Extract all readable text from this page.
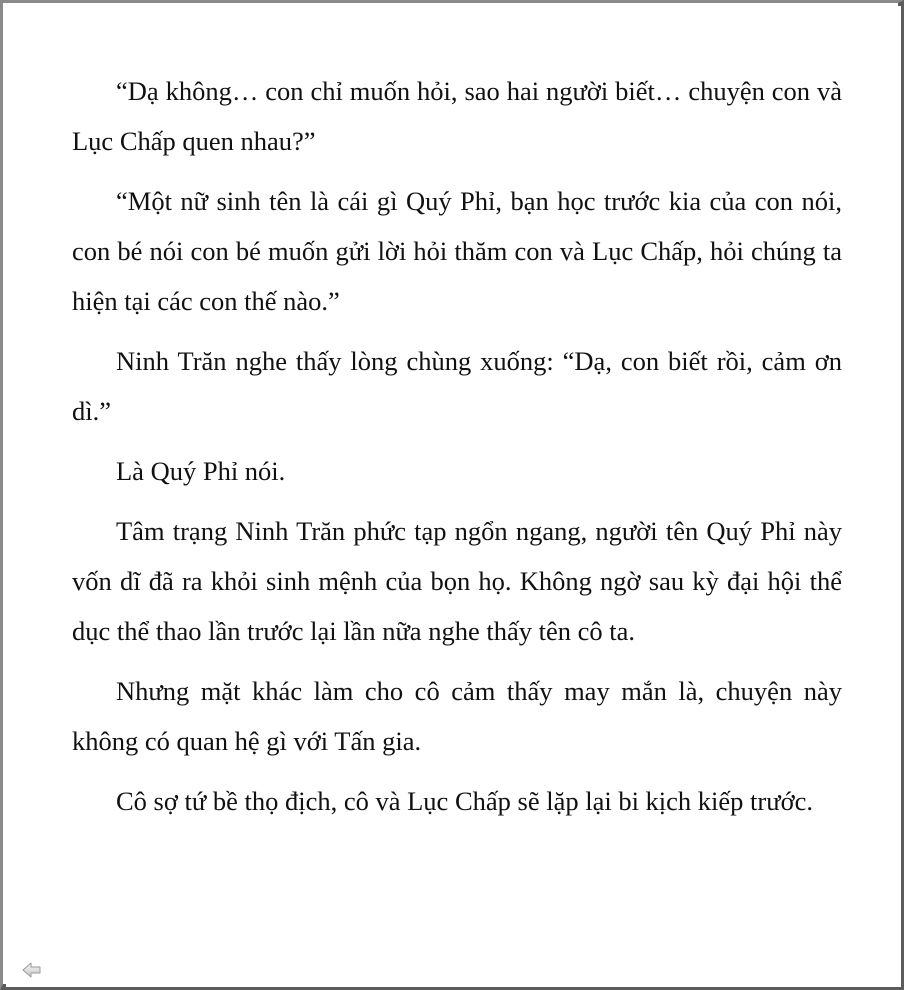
“Dạ không… con chỉ muốn hỏi, sao hai người biết… chuyện con và Lục Chấp quen nhau?”

“Một nữ sinh tên là cái gì Quý Phỉ, bạn học trước kia của con nói, con bé nói con bé muốn gửi lời hỏi thăm con và Lục Chấp, hỏi chúng ta hiện tại các con thế nào.”

Ninh Trăn nghe thấy lòng chùng xuống: “Dạ, con biết rồi, cảm ơn dì.”

Là Quý Phỉ nói.

Tâm trạng Ninh Trăn phức tạp ngổn ngang, người tên Quý Phỉ này vốn dĩ đã ra khỏi sinh mệnh của bọn họ. Không ngờ sau kỳ đại hội thể dục thể thao lần trước lại lần nữa nghe thấy tên cô ta.

Nhưng mặt khác làm cho cô cảm thấy may mắn là, chuyện này không có quan hệ gì với Tấn gia.

Cô sợ tứ bề thọ địch, cô và Lục Chấp sẽ lặp lại bi kịch kiếp trước.
